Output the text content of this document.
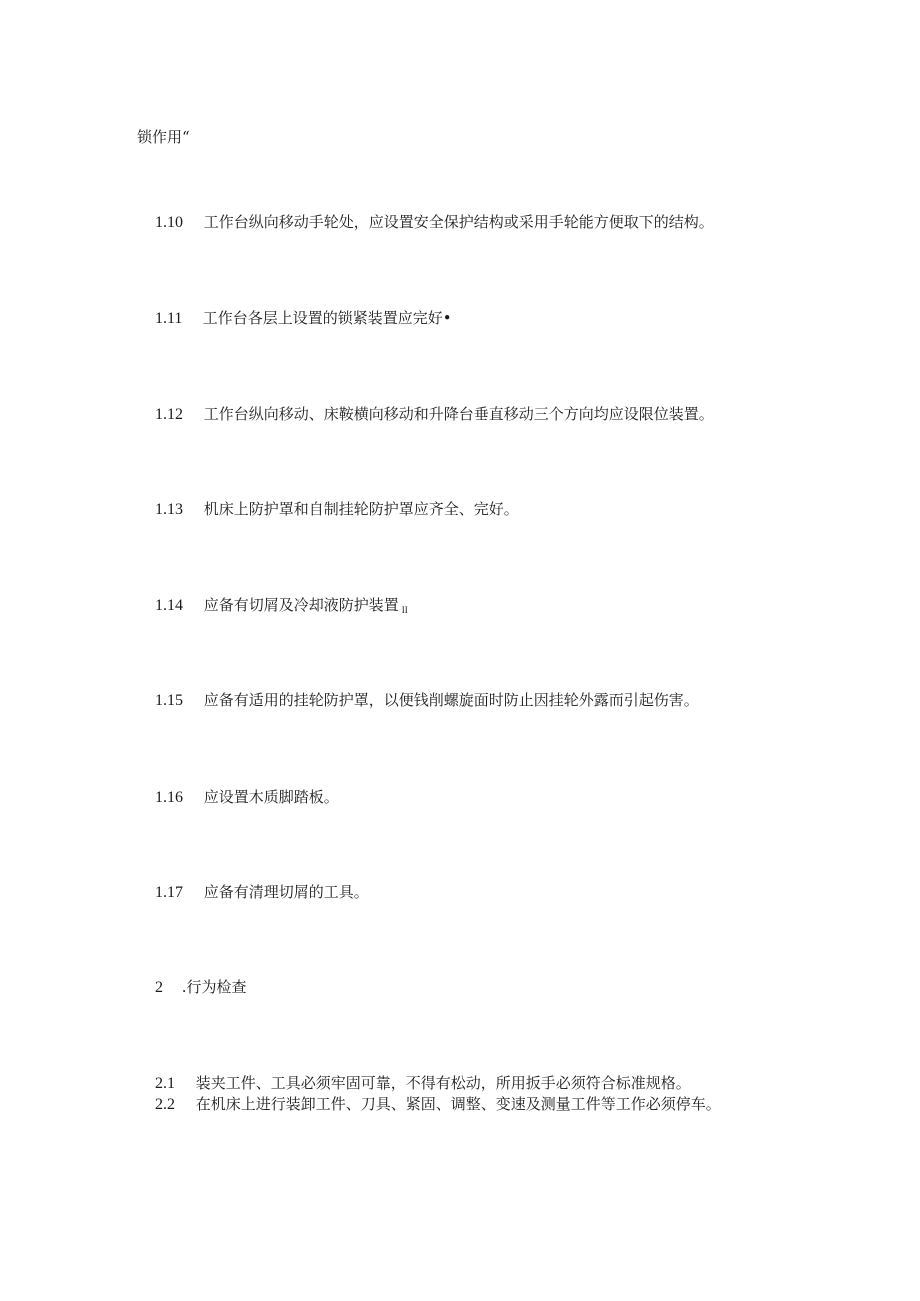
锁作用“
1.10 工作台纵向移动手轮处，应设置安全保护结构或采用手轮能方便取下的结构。
1.11 工作台各层上设置的锁紧装置应完好•
1.12 工作台纵向移动、床鞍横向移动和升降台垂直移动三个方向均应设限位装置。
1.13 机床上防护罩和自制挂轮防护罩应齐全、完好。
1.14 应备有切屑及冷却液防护装置 $_{II}$
1.15 应备有适用的挂轮防护罩，以便钱削螺旋面时防止因挂轮外露而引起伤害。
1.16 应设置木质脚踏板。
1.17 应备有清理切屑的工具。
2 .行为检查
2.1 装夹工件、工具必须牢固可靠，不得有松动，所用扳手必须符合标准规格。
2.2 在机床上进行装卸工件、刀具、紧固、调整、变速及测量工件等工作必须停车。
